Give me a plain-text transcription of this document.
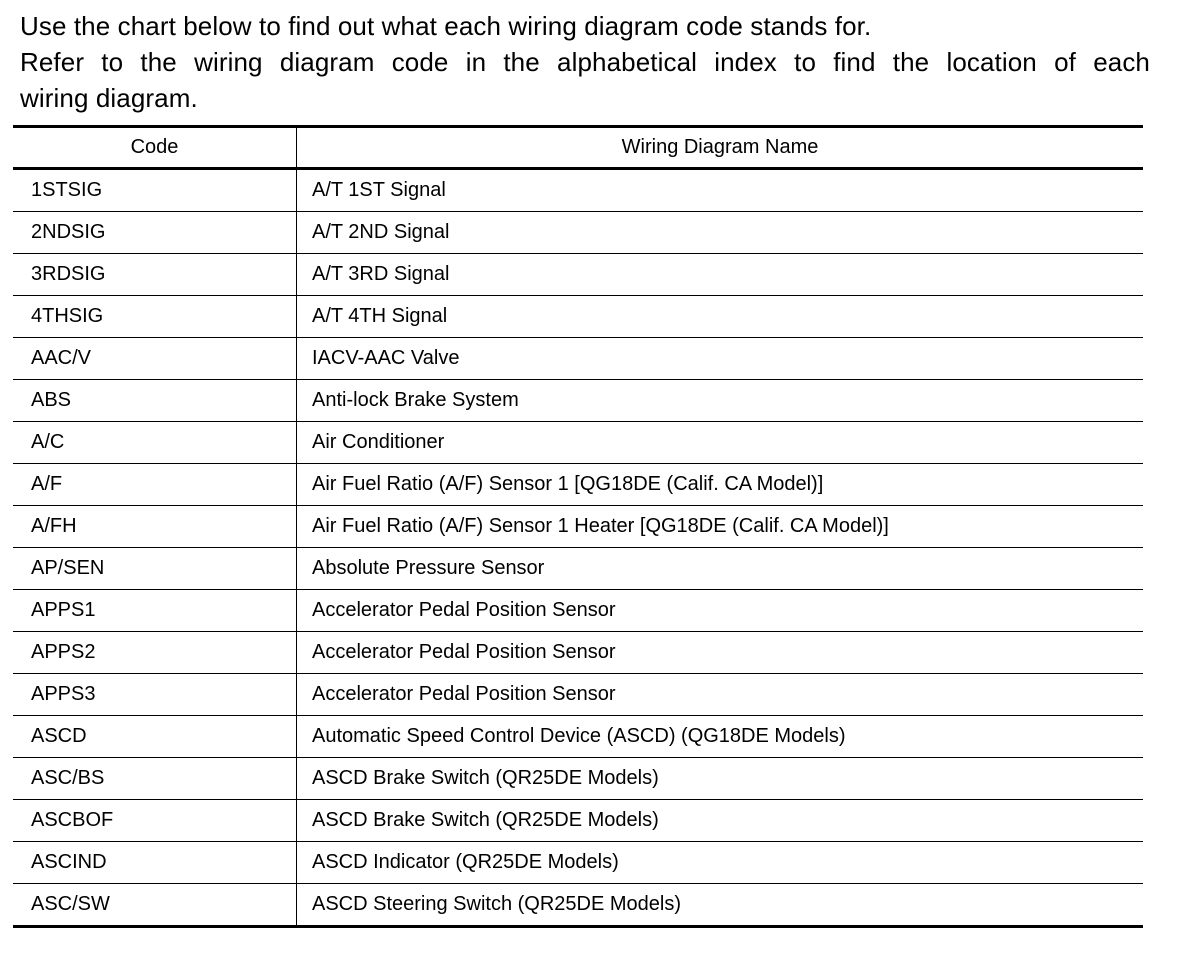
Use the chart below to find out what each wiring diagram code stands for.

Refer to the wiring diagram code in the alphabetical index to find the location of each

wiring diagram.

Code	Wiring Diagram Name
1STSIG	A/T 1ST Signal
2NDSIG	A/T 2ND Signal
3RDSIG	A/T 3RD Signal
4THSIG	A/T 4TH Signal
AAC/V	IACV-AAC Valve
ABS	Anti-lock Brake System
A/C	Air Conditioner
A/F	Air Fuel Ratio (A/F) Sensor 1 [QG18DE (Calif. CA Model)]
A/FH	Air Fuel Ratio (A/F) Sensor 1 Heater [QG18DE (Calif. CA Model)]
AP/SEN	Absolute Pressure Sensor
APPS1	Accelerator Pedal Position Sensor
APPS2	Accelerator Pedal Position Sensor
APPS3	Accelerator Pedal Position Sensor
ASCD	Automatic Speed Control Device (ASCD) (QG18DE Models)
ASC/BS	ASCD Brake Switch (QR25DE Models)
ASCBOF	ASCD Brake Switch (QR25DE Models)
ASCIND	ASCD Indicator (QR25DE Models)
ASC/SW	ASCD Steering Switch (QR25DE Models)
